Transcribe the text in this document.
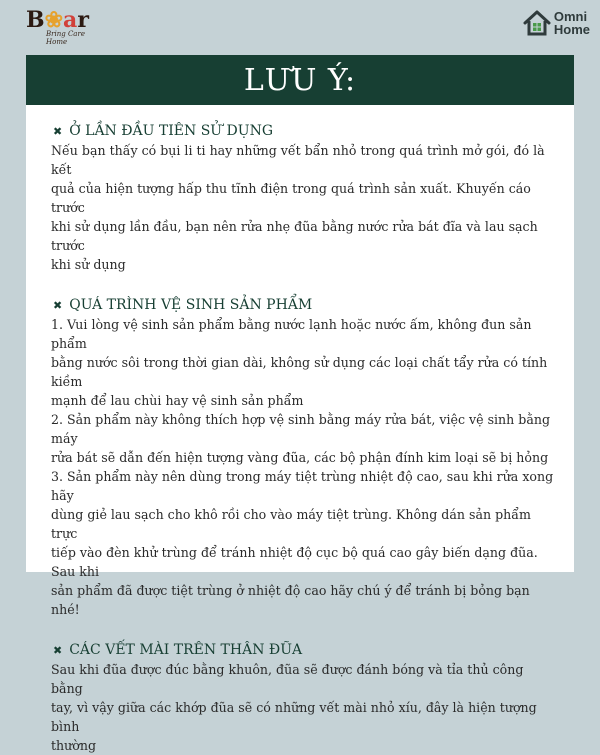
B❀ar
Bring Care Home
Omni
Home
LƯU Ý:
✖ Ở LẦN ĐẦU TIÊN SỬ DỤNG
Nếu bạn thấy có bụi li ti hay những vết bẩn nhỏ trong quá trình mở gói, đó là kết
quả của hiện tượng hấp thu tĩnh điện trong quá trình sản xuất. Khuyến cáo trước
khi sử dụng lần đầu, bạn nên rửa nhẹ đũa bằng nước rửa bát đĩa và lau sạch trước
khi sử dụng
✖ QUÁ TRÌNH VỆ SINH SẢN PHẨM
1. Vui lòng vệ sinh sản phẩm bằng nước lạnh hoặc nước ấm, không đun sản phẩm
bằng nước sôi trong thời gian dài, không sử dụng các loại chất tẩy rửa có tính kiềm
mạnh để lau chùi hay vệ sinh sản phẩm
2. Sản phẩm này không thích hợp vệ sinh bằng máy rửa bát, việc vệ sinh bằng máy
rửa bát sẽ dẫn đến hiện tượng vàng đũa, các bộ phận đính kim loại sẽ bị hỏng
3. Sản phẩm này nên dùng trong máy tiệt trùng nhiệt độ cao, sau khi rửa xong hãy
dùng giẻ lau sạch cho khô rồi cho vào máy tiệt trùng. Không dán sản phẩm trực
tiếp vào đèn khử trùng để tránh nhiệt độ cục bộ quá cao gây biến dạng đũa. Sau khi
sản phẩm đã được tiệt trùng ở nhiệt độ cao hãy chú ý để tránh bị bỏng bạn nhé!
✖ CÁC VẾT MÀI TRÊN THÂN ĐŨA
Sau khi đũa được đúc bằng khuôn, đũa sẽ được đánh bóng và tỉa thủ công bằng
tay, vì vậy giữa các khớp đũa sẽ có những vết mài nhỏ xíu, đây là hiện tượng bình
thường
